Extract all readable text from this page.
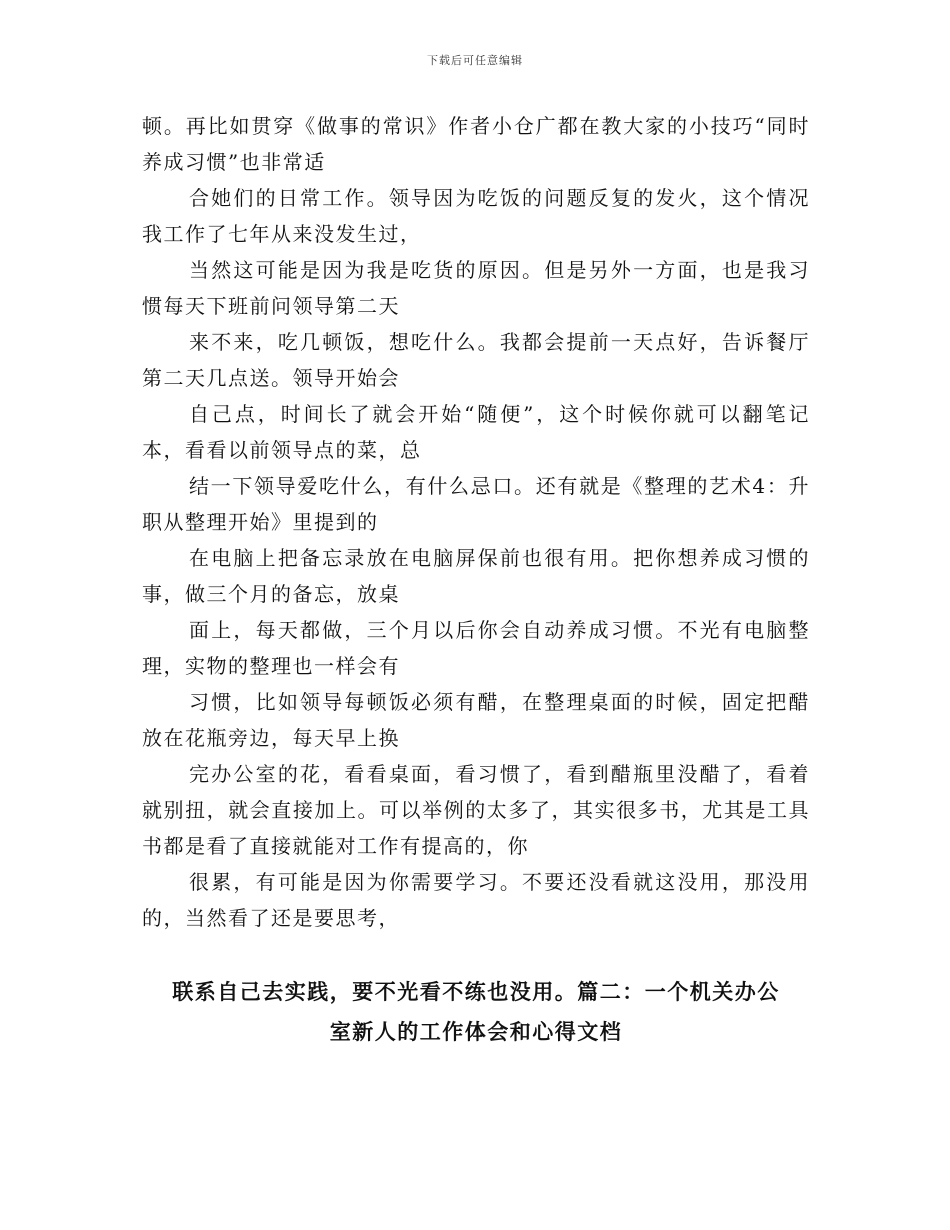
下载后可任意编辑

顿。再比如贯穿《做事的常识》作者小仓广都在教大家的小技巧“同时养成习惯”也非常适

合她们的日常工作。领导因为吃饭的问题反复的发火，这个情况我工作了七年从来没发生过，

当然这可能是因为我是吃货的原因。但是另外一方面，也是我习惯每天下班前问领导第二天

来不来，吃几顿饭，想吃什么。我都会提前一天点好，告诉餐厅第二天几点送。领导开始会

自己点，时间长了就会开始“随便”，这个时候你就可以翻笔记本，看看以前领导点的菜，总

结一下领导爱吃什么，有什么忌口。还有就是《整理的艺术4：升职从整理开始》里提到的

在电脑上把备忘录放在电脑屏保前也很有用。把你想养成习惯的事，做三个月的备忘，放桌

面上，每天都做，三个月以后你会自动养成习惯。不光有电脑整理，实物的整理也一样会有

习惯，比如领导每顿饭必须有醋，在整理桌面的时候，固定把醋放在花瓶旁边，每天早上换

完办公室的花，看看桌面，看习惯了，看到醋瓶里没醋了，看着就别扭，就会直接加上。可以举例的太多了，其实很多书，尤其是工具书都是看了直接就能对工作有提高的，你

很累，有可能是因为你需要学习。不要还没看就这没用，那没用的，当然看了还是要思考，

联系自己去实践，要不光看不练也没用。篇二：一个机关办公
室新人的工作体会和心得文档
